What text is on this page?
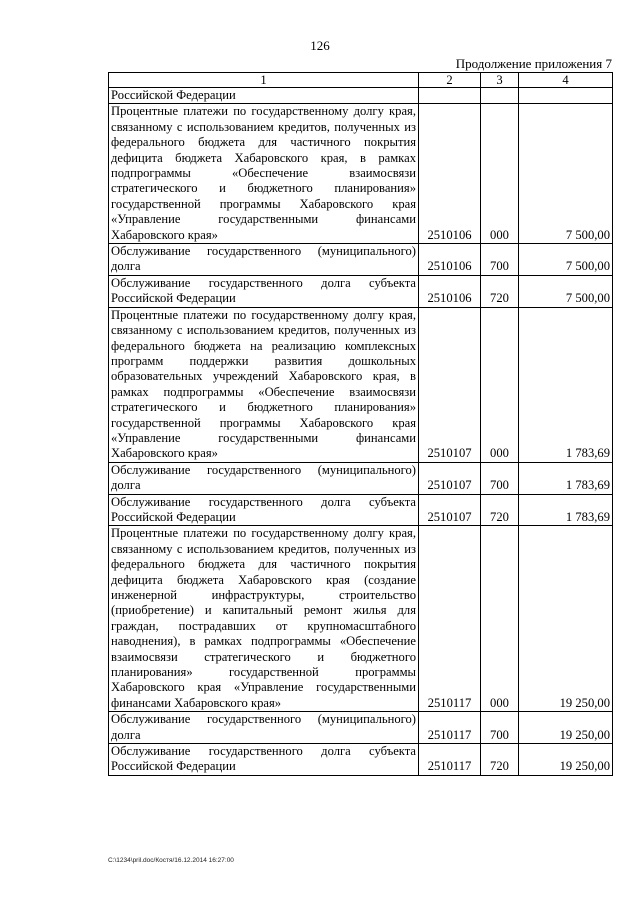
126
Продолжение приложения 7
1	2	3	4
Российской Федерации			
Процентные платежи по государственному долгу края, связанному с использованием кредитов, полученных из федерального бюджета для частичного покрытия дефицита бюджета Хабаровского края, в рамках подпрограммы «Обеспечение взаимосвязи стратегического и бюджетного планирования» государственной программы Хабаровского края «Управление государственными финансами Хабаровского края»	2510106	000	7 500,00
Обслуживание государственного (муниципального) долга	2510106	700	7 500,00
Обслуживание государственного долга субъекта Российской Федерации	2510106	720	7 500,00
Процентные платежи по государственному долгу края, связанному с использованием кредитов, полученных из федерального бюджета на реализацию комплексных программ поддержки развития дошкольных образовательных учреждений Хабаровского края, в рамках подпрограммы «Обеспечение взаимосвязи стратегического и бюджетного планирования» государственной программы Хабаровского края «Управление государственными финансами Хабаровского края»	2510107	000	1 783,69
Обслуживание государственного (муниципального) долга	2510107	700	1 783,69
Обслуживание государственного долга субъекта Российской Федерации	2510107	720	1 783,69
Процентные платежи по государственному долгу края, связанному с использованием кредитов, полученных из федерального бюджета для частичного покрытия дефицита бюджета Хабаровского края (создание инженерной инфраструктуры, строительство (приобретение) и капитальный ремонт жилья для граждан, пострадавших от крупномасштабного наводнения), в рамках подпрограммы «Обеспечение взаимосвязи стратегического и бюджетного планирования» государственной программы Хабаровского края «Управление государственными финансами Хабаровского края»	2510117	000	19 250,00
Обслуживание государственного (муниципального) долга	2510117	700	19 250,00
Обслуживание государственного долга субъекта Российской Федерации	2510117	720	19 250,00
C:\1234\pril.doc/Костя/16.12.2014 16:27:00
